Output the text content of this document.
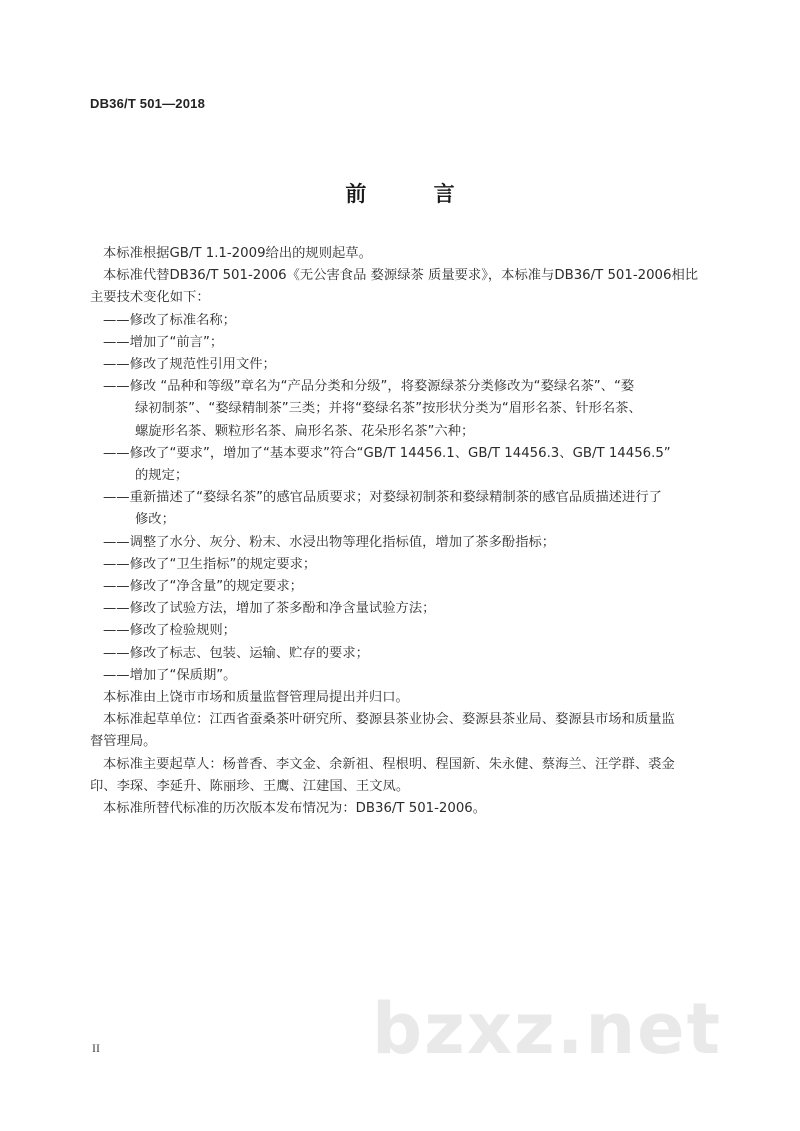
DB36/T 501—2018
前 言
本标准根据GB/T 1.1-2009给出的规则起草。
本标准代替DB36/T 501-2006《无公害食品 婺源绿茶 质量要求》，本标准与DB36/T 501-2006相比
主要技术变化如下：
——修改了标准名称；
——增加了“前言”；
——修改了规范性引用文件；
——修改 “品种和等级”章名为“产品分类和分级”，将婺源绿茶分类修改为“婺绿名茶”、“婺
绿初制茶”、“婺绿精制茶”三类；并将“婺绿名茶”按形状分类为“眉形名茶、针形名茶、
螺旋形名茶、颗粒形名茶、扁形名茶、花朵形名茶”六种；
——修改了“要求”，增加了“基本要求”符合“GB/T 14456.1、GB/T 14456.3、GB/T 14456.5”
的规定；
——重新描述了“婺绿名茶”的感官品质要求；对婺绿初制茶和婺绿精制茶的感官品质描述进行了
修改；
——调整了水分、灰分、粉末、水浸出物等理化指标值，增加了茶多酚指标；
——修改了“卫生指标”的规定要求；
——修改了“净含量”的规定要求；
——修改了试验方法，增加了茶多酚和净含量试验方法；
——修改了检验规则；
——修改了标志、包装、运输、贮存的要求；
——增加了“保质期”。
本标准由上饶市市场和质量监督管理局提出并归口。
本标准起草单位：江西省蚕桑茶叶研究所、婺源县茶业协会、婺源县茶业局、婺源县市场和质量监
督管理局。
本标准主要起草人：杨普香、李文金、余新祖、程根明、程国新、朱永健、蔡海兰、汪学群、裘金
印、李琛、李延升、陈丽珍、王鹰、江建国、王文凤。
本标准所替代标准的历次版本发布情况为：DB36/T 501-2006。
II	bzxz.net
